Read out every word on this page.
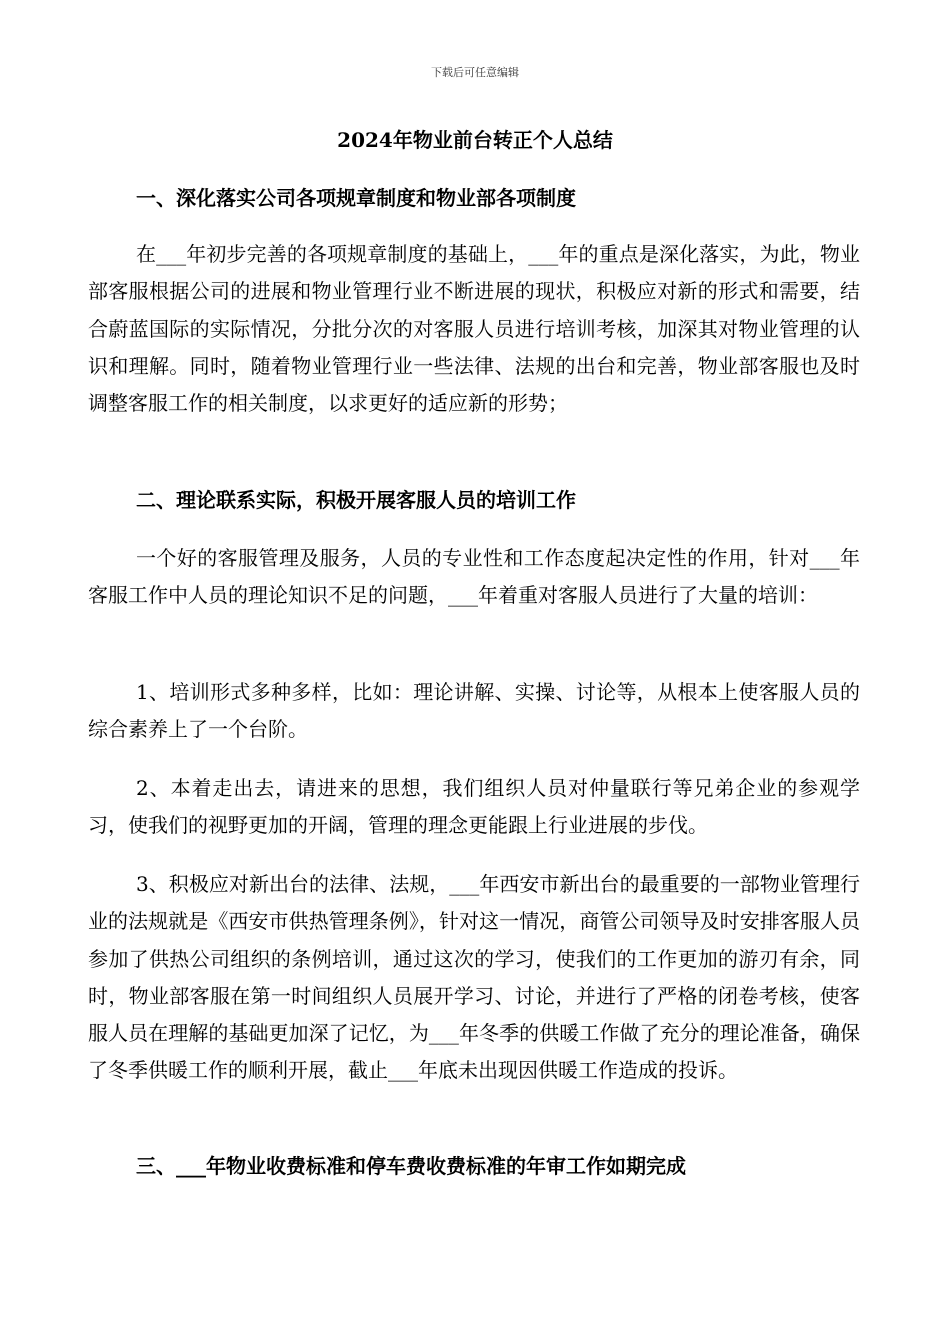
下载后可任意编辑
2024年物业前台转正个人总结
一、深化落实公司各项规章制度和物业部各项制度

在___年初步完善的各项规章制度的基础上，___年的重点是深化落实，为此，物业部客服根据公司的进展和物业管理行业不断进展的现状，积极应对新的形式和需要，结合蔚蓝国际的实际情况，分批分次的对客服人员进行培训考核，加深其对物业管理的认识和理解。同时，随着物业管理行业一些法律、法规的出台和完善，物业部客服也及时调整客服工作的相关制度，以求更好的适应新的形势；

二、理论联系实际，积极开展客服人员的培训工作

一个好的客服管理及服务，人员的专业性和工作态度起决定性的作用，针对___年客服工作中人员的理论知识不足的问题，___年着重对客服人员进行了大量的培训：

1、培训形式多种多样，比如：理论讲解、实操、讨论等，从根本上使客服人员的综合素养上了一个台阶。

2、本着走出去，请进来的思想，我们组织人员对仲量联行等兄弟企业的参观学习，使我们的视野更加的开阔，管理的理念更能跟上行业进展的步伐。

3、积极应对新出台的法律、法规，___年西安市新出台的最重要的一部物业管理行业的法规就是《西安市供热管理条例》，针对这一情况，商管公司领导及时安排客服人员参加了供热公司组织的条例培训，通过这次的学习，使我们的工作更加的游刃有余，同时，物业部客服在第一时间组织人员展开学习、讨论，并进行了严格的闭卷考核，使客服人员在理解的基础更加深了记忆，为___年冬季的供暖工作做了充分的理论准备，确保了冬季供暖工作的顺利开展，截止___年底未出现因供暖工作造成的投诉。

三、___年物业收费标准和停车费收费标准的年审工作如期完成
